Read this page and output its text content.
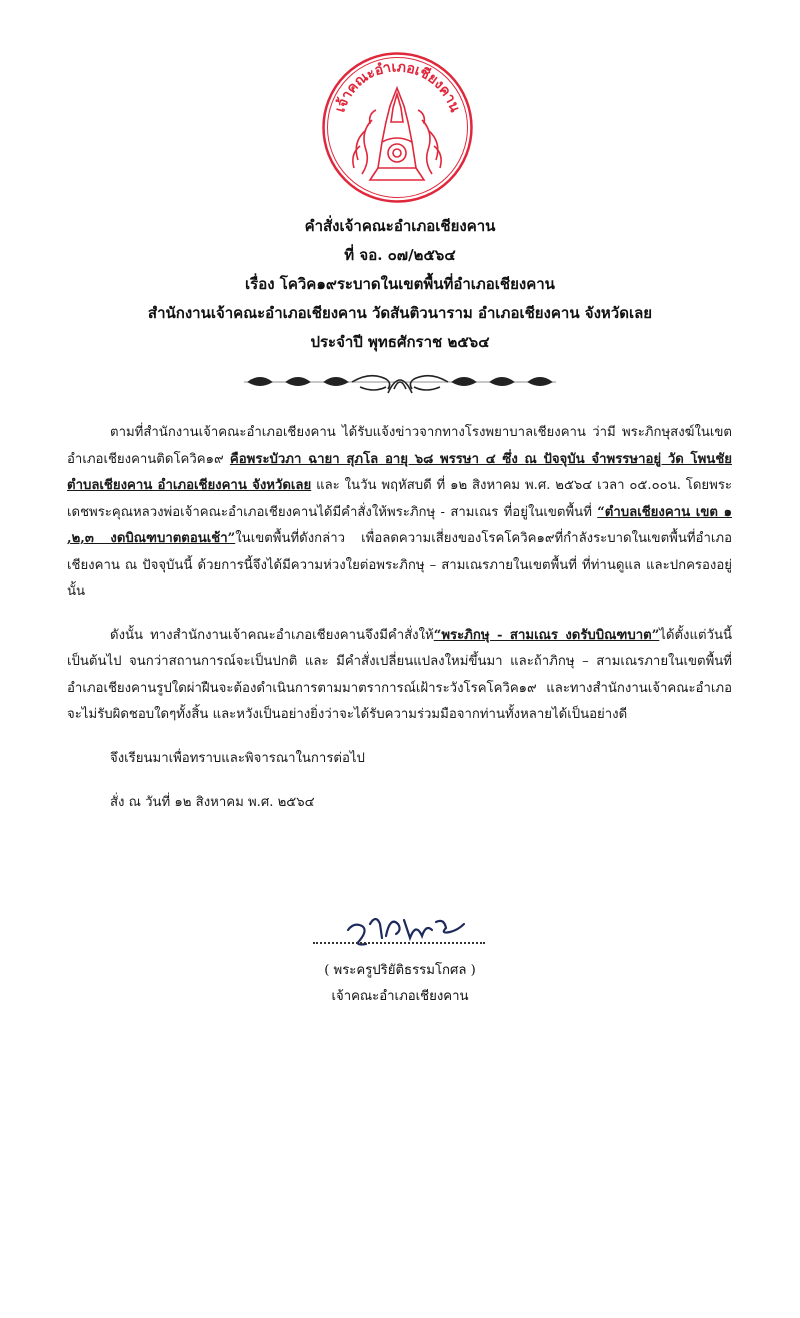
เจ้าคณะอำเภอเชียงคาน

คำสั่งเจ้าคณะอำเภอเชียงคาน

ที่ จอ. ๐๗/๒๕๖๔

เรื่อง โควิค๑๙ระบาดในเขตพื้นที่อำเภอเชียงคาน

สำนักงานเจ้าคณะอำเภอเชียงคาน วัดสันติวนาราม อำเภอเชียงคาน จังหวัดเลย

ประจำปี พุทธศักราช ๒๕๖๔

ตามที่สำนักงานเจ้าคณะอำเภอเชียงคาน ได้รับแจ้งข่าวจากทางโรงพยาบาลเชียงคาน ว่ามี พระภิกษุสงฆ์ในเขตอำเภอเชียงคานติดโควิค๑๙ คือพระบัวภา ฉายา สุภโล อายุ ๖๘ พรรษา ๔ ซึ่ง ณ ปัจจุบัน จำพรรษาอยู่ วัด โพนชัย ตำบลเชียงคาน อำเภอเชียงคาน จังหวัดเลย และ ในวัน พฤหัสบดี ที่ ๑๒ สิงหาคม พ.ศ. ๒๕๖๔ เวลา ๐๕.๐๐น. โดยพระเดชพระคุณหลวงพ่อเจ้าคณะอำเภอเชียงคานได้มีคำสั่งให้พระภิกษุ - สามเณร ที่อยู่ในเขตพื้นที่ “ตำบลเชียงคาน เขต ๑ ,๒,๓ งดบิณฑบาตตอนเช้า”ในเขตพื้นที่ดังกล่าว เพื่อลดความเสี่ยงของโรคโควิค๑๙ที่กำลังระบาดในเขตพื้นที่อำเภอเชียงคาน ณ ปัจจุบันนี้ ด้วยการนี้จึงได้มีความห่วงใยต่อพระภิกษุ – สามเณรภายในเขตพื้นที่ ที่ท่านดูแล และปกครองอยู่นั้น

ดังนั้น ทางสำนักงานเจ้าคณะอำเภอเชียงคานจึงมีคำสั่งให้“พระภิกษุ - สามเณร งดรับบิณฑบาต”ได้ตั้งแต่วันนี้เป็นต้นไป จนกว่าสถานการณ์จะเป็นปกติ และ มีคำสั่งเปลี่ยนแปลงใหม่ขึ้นมา และถ้าภิกษุ – สามเณรภายในเขตพื้นที่อำเภอเชียงคานรูปใดผ่าฝืนจะต้องดำเนินการตามมาตราการณ์เฝ้าระวังโรคโควิค๑๙ และทางสำนักงานเจ้าคณะอำเภอจะไม่รับผิดชอบใดๆทั้งสิ้น และหวังเป็นอย่างยิ่งว่าจะได้รับความร่วมมือจากท่านทั้งหลายได้เป็นอย่างดี

จึงเรียนมาเพื่อทราบและพิจารณาในการต่อไป

สั่ง ณ วันที่ ๑๒ สิงหาคม พ.ศ. ๒๕๖๔

( พระครูปริยัติธรรมโกศล )
เจ้าคณะอำเภอเชียงคาน
